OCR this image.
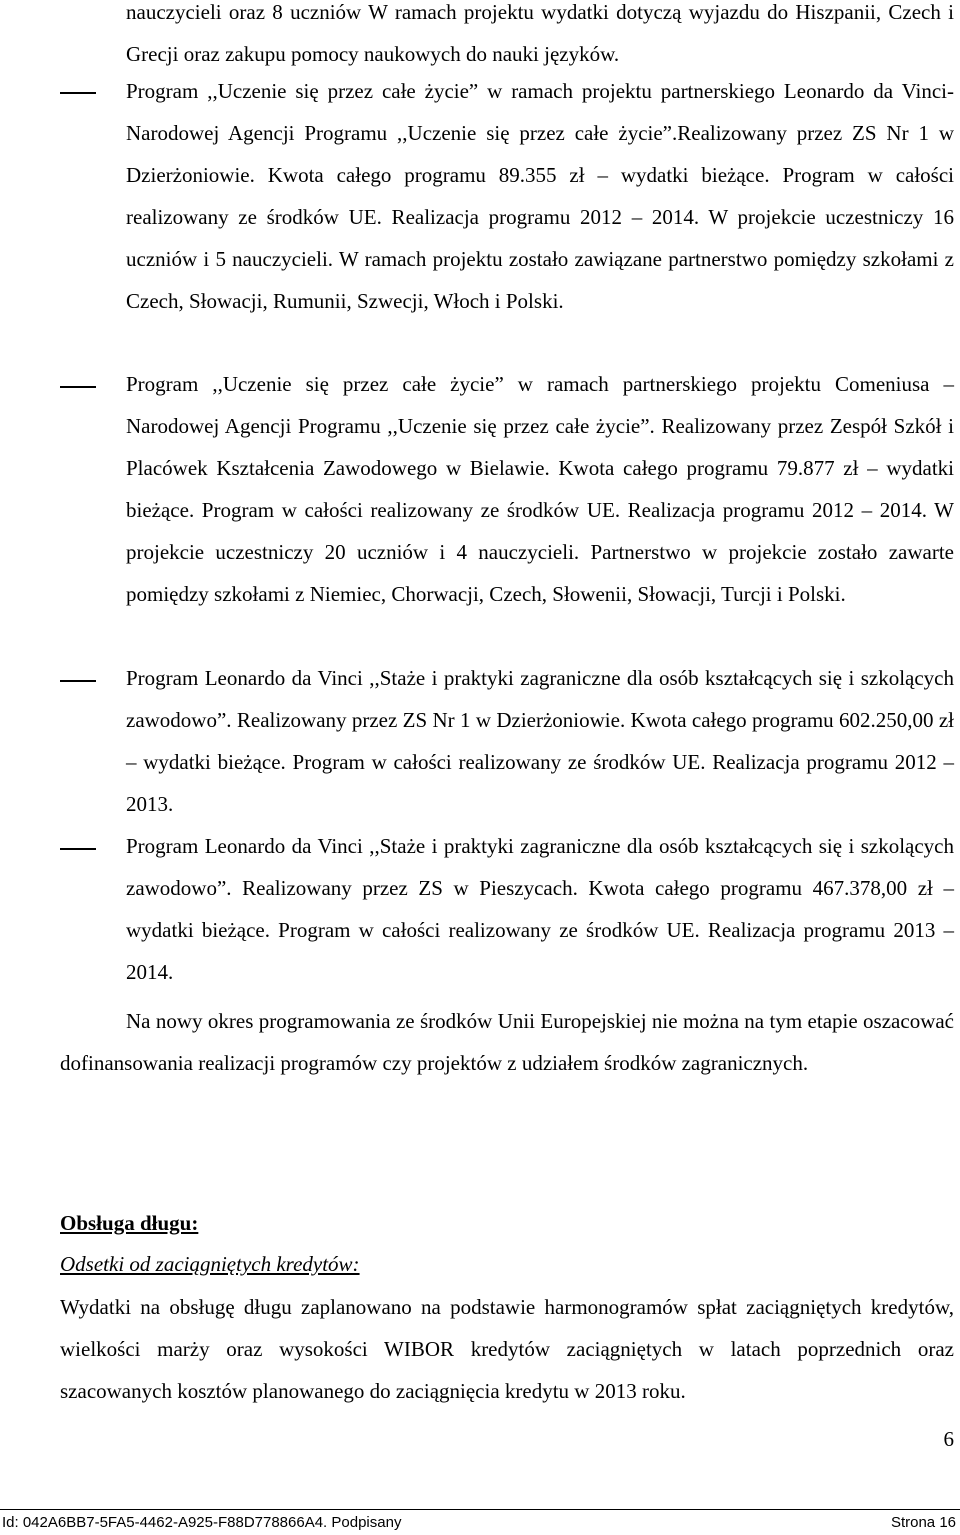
nauczycieli oraz 8 uczniów W ramach projektu wydatki dotyczą wyjazdu do Hiszpanii, Czech i Grecji oraz zakupu pomocy naukowych do nauki języków.

Program ,,Uczenie się przez całe życie” w ramach projektu partnerskiego Leonardo da Vinci- Narodowej Agencji Programu ,,Uczenie się przez całe życie”.Realizowany przez ZS Nr 1 w Dzierżoniowie. Kwota całego programu 89.355 zł – wydatki bieżące. Program w całości realizowany ze środków UE. Realizacja programu 2012 – 2014. W projekcie uczestniczy 16 uczniów i 5 nauczycieli. W ramach projektu zostało zawiązane partnerstwo pomiędzy szkołami z Czech, Słowacji, Rumunii, Szwecji, Włoch i Polski.

Program ,,Uczenie się przez całe życie” w ramach partnerskiego projektu Comeniusa – Narodowej Agencji Programu ,,Uczenie się przez całe życie”. Realizowany przez Zespół Szkół i Placówek Kształcenia Zawodowego w Bielawie. Kwota całego programu 79.877 zł – wydatki bieżące. Program w całości realizowany ze środków UE. Realizacja programu 2012 – 2014. W projekcie uczestniczy 20 uczniów i 4 nauczycieli. Partnerstwo w projekcie zostało zawarte pomiędzy szkołami z Niemiec, Chorwacji, Czech, Słowenii, Słowacji, Turcji i Polski.

Program Leonardo da Vinci ,,Staże i praktyki zagraniczne dla osób kształcących się i szkolących zawodowo”. Realizowany przez ZS Nr 1 w Dzierżoniowie. Kwota całego programu 602.250,00 zł – wydatki bieżące. Program w całości realizowany ze środków UE. Realizacja programu 2012 – 2013.

Program Leonardo da Vinci ,,Staże i praktyki zagraniczne dla osób kształcących się i szkolących zawodowo”. Realizowany przez ZS w Pieszycach. Kwota całego programu 467.378,00 zł – wydatki bieżące. Program w całości realizowany ze środków UE. Realizacja programu 2013 – 2014.

Na nowy okres programowania ze środków Unii Europejskiej nie można na tym etapie oszacować dofinansowania realizacji programów czy projektów z udziałem środków zagranicznych.

Obsługa długu:
Odsetki od zaciągniętych kredytów:

Wydatki na obsługę długu zaplanowano na podstawie harmonogramów spłat zaciągniętych kredytów, wielkości marży oraz wysokości WIBOR kredytów zaciągniętych w latach poprzednich oraz szacowanych kosztów planowanego do zaciągnięcia kredytu w 2013 roku.

6
Id: 042A6BB7-5FA5-4462-A925-F88D778866A4. Podpisany	Strona 16
